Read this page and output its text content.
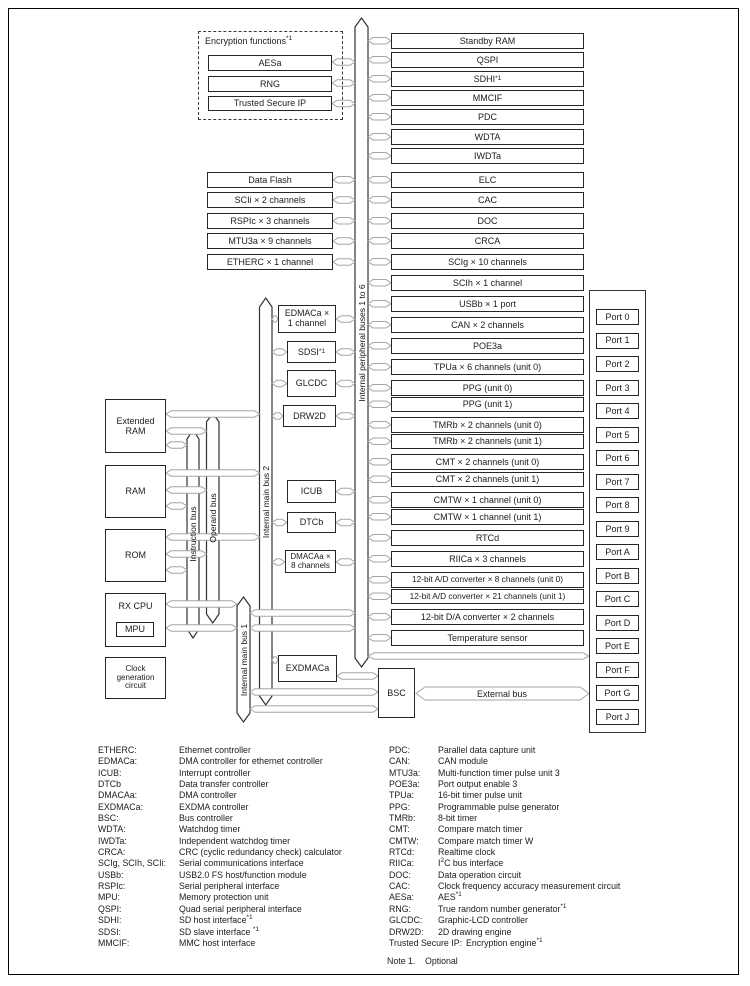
Internal peripheral buses 1 to 6
Internal main bus 2
Internal main bus 1
Operand bus
Instruction bus
Encryption functions$^{*1}$
AESa
RNG
Trusted Secure IP
Data Flash
SCIi × 2 channels
RSPIc × 3 channels
MTU3a × 9 channels
ETHERC × 1 channel
Extended RAM
RAM
ROM
RX CPU
MPU
Clock generation circuit
EDMACa ×
1 channel
SDSI *1
GLCDC
DRW2D
ICUB
DTCb
DMACAa ×
8 channels
EXDMACa
BSC
Standby RAM
QSPI
SDHI *1
MMCIF
PDC
WDTA
IWDTa
ELC
CAC
DOC
CRCA
SCIg × 10 channels
SCIh × 1 channel
USBb × 1 port
CAN × 2 channels
POE3a
TPUa × 6 channels (unit 0)
PPG (unit 0)
PPG (unit 1)
TMRb × 2 channels (unit 0)
TMRb × 2 channels (unit 1)
CMT × 2 channels (unit 0)
CMT × 2 channels (unit 1)
CMTW × 1 channel (unit 0)
CMTW × 1 channel (unit 1)
RTCd
RIICa × 3 channels
12-bit A/D converter × 8 channels (unit 0)
12-bit A/D converter × 21 channels (unit 1)
12-bit D/A converter × 2 channels
Temperature sensor
Port 0
Port 1
Port 2
Port 3
Port 4
Port 5
Port 6
Port 7
Port 8
Port 9
Port A
Port B
Port C
Port D
Port E
Port F
Port G
Port J
External bus
ETHERC:	Ethernet controller
EDMACa:	DMA controller for ethernet controller
ICUB:	Interrupt controller
DTCb	Data transfer controller
DMACAa:	DMA controller
EXDMACa:	EXDMA controller
BSC:	Bus controller
WDTA:	Watchdog timer
IWDTa:	Independent watchdog timer
CRCA:	CRC (cyclic redundancy check) calculator
SCIg, SCIh, SCIi:	Serial communications interface
USBb:	USB2.0 FS host/function module
RSPIc:	Serial peripheral interface
MPU:	Memory protection unit
QSPI:	Quad serial peripheral interface
SDHI:	SD host interface$^{*1}$
SDSI:	SD slave interface $^{*1}$
MMCIF:	MMC host interface
PDC:	Parallel data capture unit
CAN:	CAN module
MTU3a:	Multi-function timer pulse unit 3
POE3a:	Port output enable 3
TPUa:	16-bit timer pulse unit
PPG:	Programmable pulse generator
TMRb:	8-bit timer
CMT:	Compare match timer
CMTW:	Compare match timer W
RTCd:	Realtime clock
RIICa:	$I^2C$ bus interface
DOC:	Data operation circuit
CAC:	Clock frequency accuracy measurement circuit
AESa:	AES$^{*1}$
RNG:	True random number generator$^{*1}$
GLCDC:	Graphic-LCD controller
DRW2D:	2D drawing engine
Trusted Secure IP: Encryption engine$^{*1}$
Note 1.	Optional
